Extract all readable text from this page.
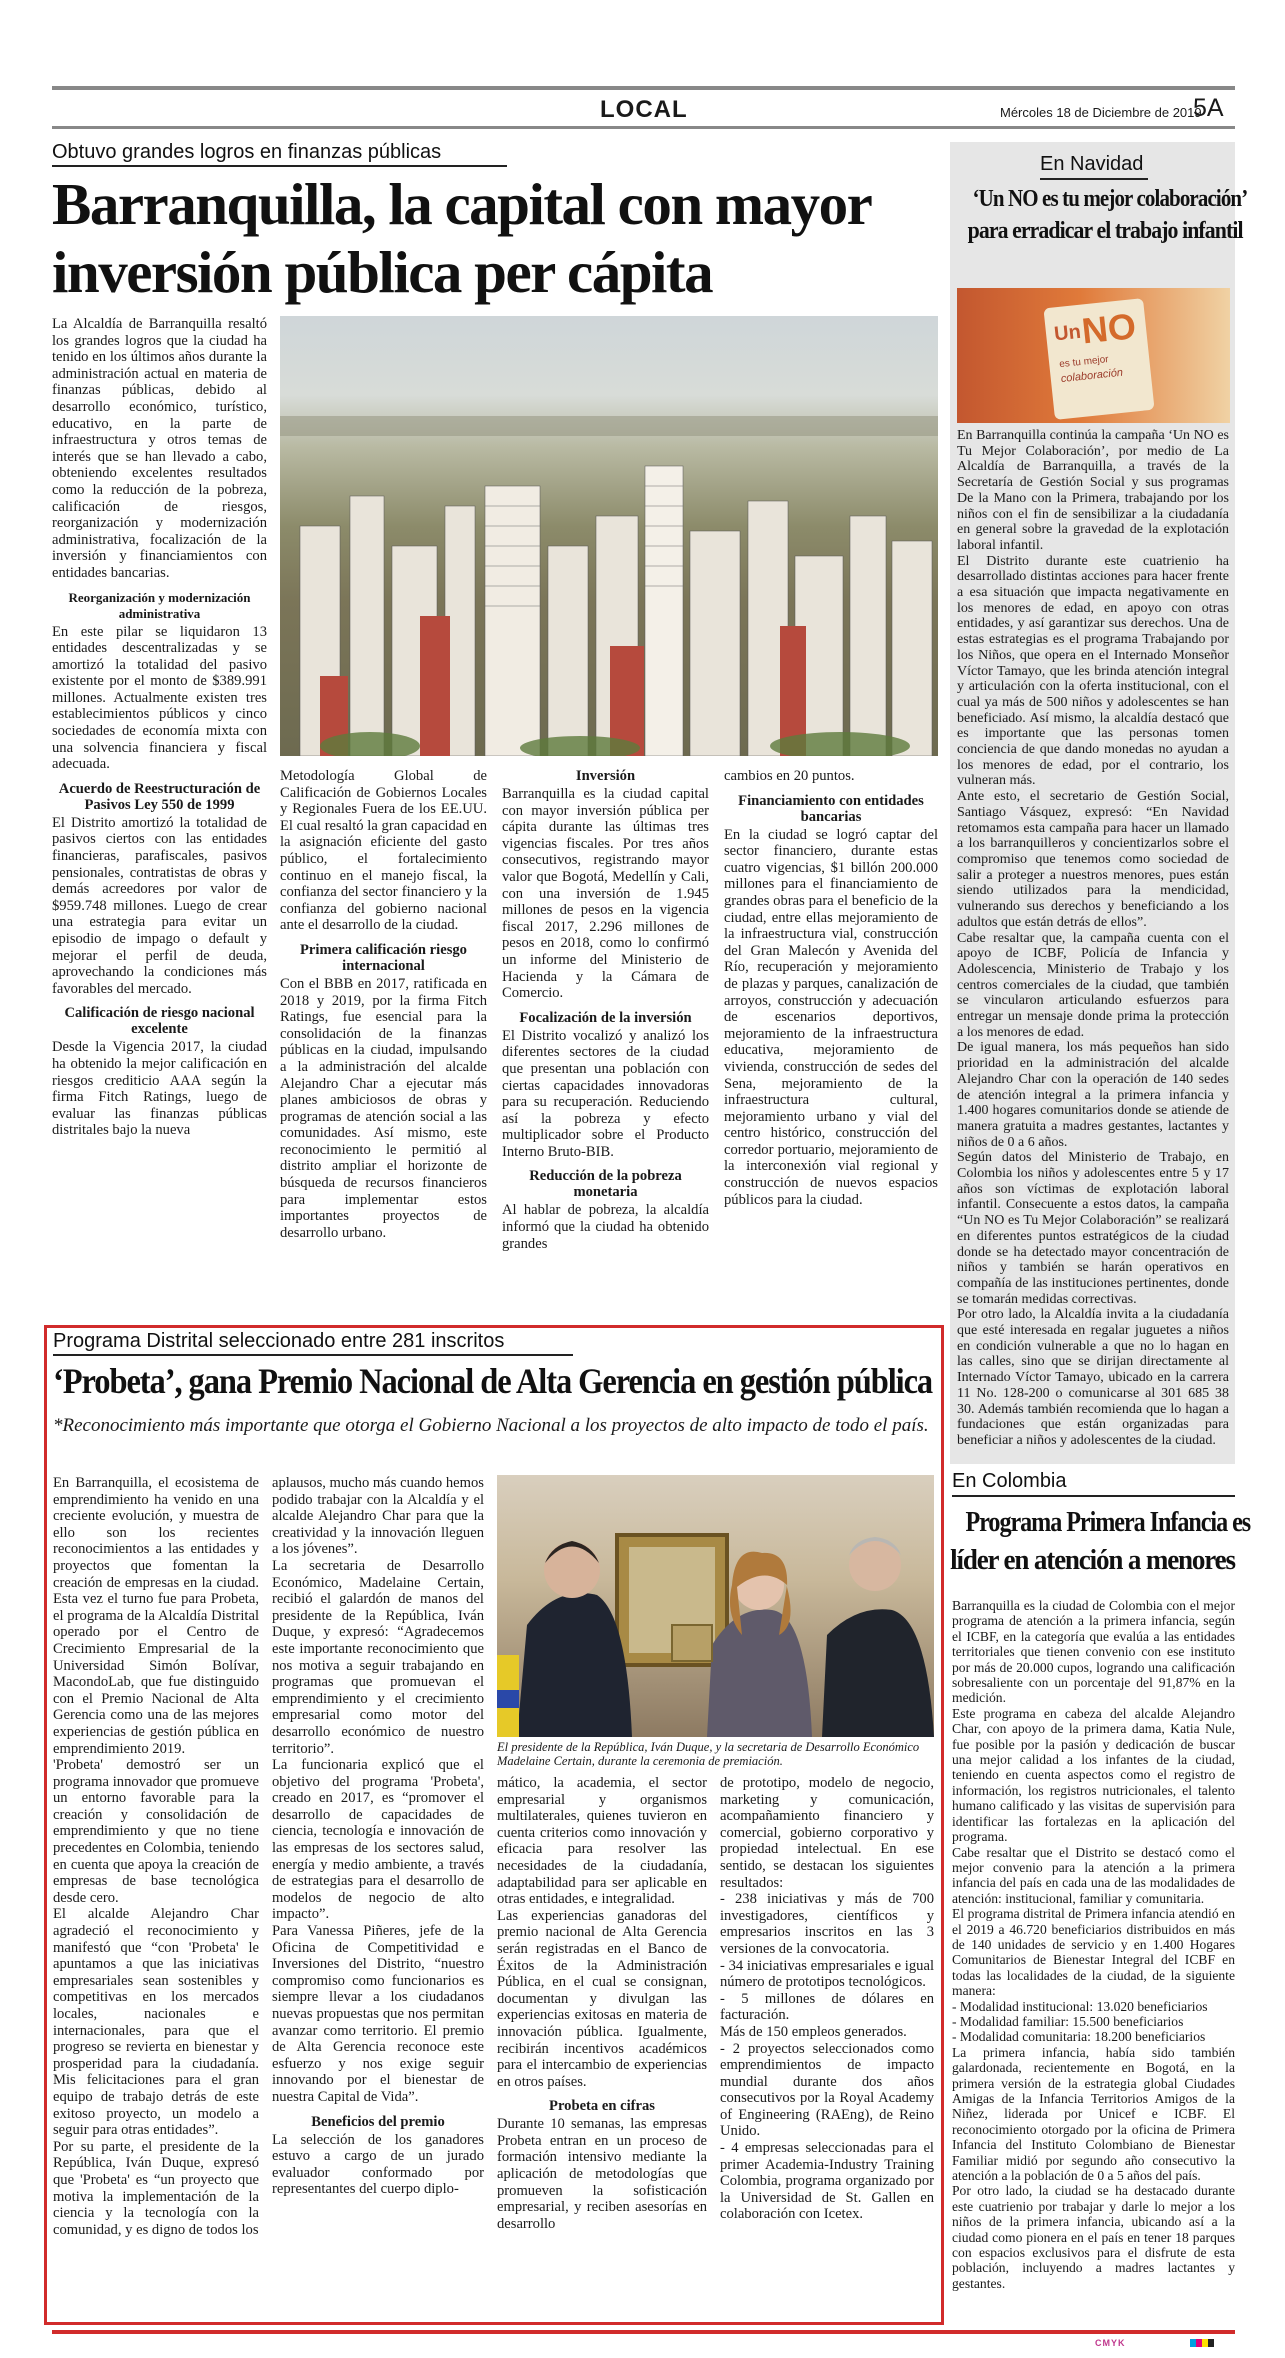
LOCAL	Mércoles 18 de Diciembre de 2019
5A
Obtuvo grandes logros en finanzas públicas
Barranquilla, la capital con mayor
inversión pública per cápita

La Alcaldía de Barranquilla resaltó los grandes logros que la ciudad ha tenido en los últimos años durante la administración actual en materia de finanzas públicas, debido al desarrollo económico, turístico, educativo, en la parte de infraestructura y otros temas de interés que se han llevado a cabo, obteniendo excelentes resultados como la reducción de la pobreza, calificación de riesgos, reorganización y modernización administrativa, focalización de la inversión y financiamientos con entidades bancarias.

Reorganización y modernización administrativa

En este pilar se liquidaron 13 entidades descentralizadas y se amortizó la totalidad del pasivo existente por el monto de $389.991 millones. Actualmente existen tres establecimientos públicos y cinco sociedades de economía mixta con una solvencia financiera y fiscal adecuada.

Acuerdo de Reestructuración de Pasivos Ley 550 de 1999

El Distrito amortizó la totalidad de pasivos ciertos con las entidades financieras, parafiscales, pasivos pensionales, contratistas de obras y demás acreedores por valor de $959.748 millones. Luego de crear una estrategia para evitar un episodio de impago o default y mejorar el perfil de deuda, aprovechando la condiciones más favorables del mercado.

Calificación de riesgo nacional excelente

Desde la Vigencia 2017, la ciudad ha obtenido la mejor calificación en riesgos crediticio AAA según la firma Fitch Ratings, luego de evaluar las finanzas públicas distritales bajo la nueva

Metodología Global de Calificación de Gobiernos Locales y Regionales Fuera de los EE.UU. El cual resaltó la gran capacidad en la asignación eficiente del gasto público, el fortalecimiento continuo en el manejo fiscal, la confianza del sector financiero y la confianza del gobierno nacional ante el desarrollo de la ciudad.

Primera calificación riesgo internacional

Con el BBB en 2017, ratificada en 2018 y 2019, por la firma Fitch Ratings, fue esencial para la consolidación de la finanzas públicas en la ciudad, impulsando a la administración del alcalde Alejandro Char a ejecutar más planes ambiciosos de obras y programas de atención social a las comunidades. Así mismo, este reconocimiento le permitió al distrito ampliar el horizonte de búsqueda de recursos financieros para implementar estos importantes proyectos de desarrollo urbano.

Inversión

Barranquilla es la ciudad capital con mayor inversión pública per cápita durante las últimas tres vigencias fiscales. Por tres años consecutivos, registrando mayor valor que Bogotá, Medellín y Cali, con una inversión de 1.945 millones de pesos en la vigencia fiscal 2017, 2.296 millones de pesos en 2018, como lo confirmó un informe del Ministerio de Hacienda y la Cámara de Comercio.

Focalización de la inversión

El Distrito vocalizó y analizó los diferentes sectores de la ciudad que presentan una población con ciertas capacidades innovadoras para su recuperación. Reduciendo así la pobreza y efecto multiplicador sobre el Producto Interno Bruto-BIB.

Reducción de la pobreza monetaria

Al hablar de pobreza, la alcaldía informó que la ciudad ha obtenido grandes

cambios en 20 puntos.

Financiamiento con entidades bancarias

En la ciudad se logró captar del sector financiero, durante estas cuatro vigencias, $1 billón 200.000 millones para el financiamiento de grandes obras para el beneficio de la ciudad, entre ellas mejoramiento de la infraestructura vial, construcción del Gran Malecón y Avenida del Río, recuperación y mejoramiento de plazas y parques, canalización de arroyos, construcción y adecuación de escenarios deportivos, mejoramiento de la infraestructura educativa, mejoramiento de vivienda, construcción de sedes del Sena, mejoramiento de la infraestructura cultural, mejoramiento urbano y vial del centro histórico, construcción del corredor portuario, mejoramiento de la interconexión vial regional y construcción de nuevos espacios públicos para la ciudad.

Programa Distrital seleccionado entre 281 inscritos
‘Probeta’, gana Premio Nacional de Alta Gerencia en gestión pública
*Reconocimiento más importante que otorga el Gobierno Nacional a los proyectos de alto impacto de todo el país.

En Barranquilla, el ecosistema de emprendimiento ha venido en una creciente evolución, y muestra de ello son los recientes reconocimientos a las entidades y proyectos que fomentan la creación de empresas en la ciudad. Esta vez el turno fue para Probeta, el programa de la Alcaldía Distrital operado por el Centro de Crecimiento Empresarial de la Universidad Simón Bolívar, MacondoLab, que fue distinguido con el Premio Nacional de Alta Gerencia como una de las mejores experiencias de gestión pública en emprendimiento 2019.

'Probeta' demostró ser un programa innovador que promueve un entorno favorable para la creación y consolidación de emprendimiento y que no tiene precedentes en Colombia, teniendo en cuenta que apoya la creación de empresas de base tecnológica desde cero.

El alcalde Alejandro Char agradeció el reconocimiento y manifestó que “con 'Probeta' le apuntamos a que las iniciativas empresariales sean sostenibles y competitivas en los mercados locales, nacionales e internacionales, para que el progreso se revierta en bienestar y prosperidad para la ciudadanía. Mis felicitaciones para el gran equipo de trabajo detrás de este exitoso proyecto, un modelo a seguir para otras entidades”.

Por su parte, el presidente de la República, Iván Duque, expresó que 'Probeta' es “un proyecto que motiva la implementación de la ciencia y la tecnología con la comunidad, y es digno de todos los

aplausos, mucho más cuando hemos podido trabajar con la Alcaldía y el alcalde Alejandro Char para que la creatividad y la innovación lleguen a los jóvenes”.

La secretaria de Desarrollo Económico, Madelaine Certain, recibió el galardón de manos del presidente de la República, Iván Duque, y expresó: “Agradecemos este importante reconocimiento que nos motiva a seguir trabajando en programas que promuevan el emprendimiento y el crecimiento empresarial como motor del desarrollo económico de nuestro territorio”.

La funcionaria explicó que el objetivo del programa 'Probeta', creado en 2017, es “promover el desarrollo de capacidades de ciencia, tecnología e innovación de las empresas de los sectores salud, energía y medio ambiente, a través de estrategias para el desarrollo de modelos de negocio de alto impacto”.

Para Vanessa Piñeres, jefe de la Oficina de Competitividad e Inversiones del Distrito, “nuestro compromiso como funcionarios es siempre llevar a los ciudadanos nuevas propuestas que nos permitan avanzar como territorio. El premio de Alta Gerencia reconoce este esfuerzo y nos exige seguir innovando por el bienestar de nuestra Capital de Vida”.

Beneficios del premio

La selección de los ganadores estuvo a cargo de un jurado evaluador conformado por representantes del cuerpo diplo-

El presidente de la República, Iván Duque, y la secretaria de Desarrollo Económico Madelaine Certain, durante la ceremonia de premiación.

mático, la academia, el sector empresarial y organismos multilaterales, quienes tuvieron en cuenta criterios como innovación y eficacia para resolver las necesidades de la ciudadanía, adaptabilidad para ser aplicable en otras entidades, e integralidad.

Las experiencias ganadoras del premio nacional de Alta Gerencia serán registradas en el Banco de Éxitos de la Administración Pública, en el cual se consignan, documentan y divulgan las experiencias exitosas en materia de innovación pública. Igualmente, recibirán incentivos académicos para el intercambio de experiencias en otros países.

Probeta en cifras

Durante 10 semanas, las empresas Probeta entran en un proceso de formación intensivo mediante la aplicación de metodologías que promueven la sofisticación empresarial, y reciben asesorías en desarrollo

de prototipo, modelo de negocio, marketing y comunicación, acompañamiento financiero y comercial, gobierno corporativo y propiedad intelectual. En ese sentido, se destacan los siguientes resultados:

- 238 iniciativas y más de 700 investigadores, científicos y empresarios inscritos en las 3 versiones de la convocatoria.

- 34 iniciativas empresariales e igual número de prototipos tecnológicos.

- 5 millones de dólares en facturación.

Más de 150 empleos generados.

- 2 proyectos seleccionados como emprendimientos de impacto mundial durante dos años consecutivos por la Royal Academy of Engineering (RAEng), de Reino Unido.

- 4 empresas seleccionadas para el primer Academia-Industry Training Colombia, programa organizado por la Universidad de St. Gallen en colaboración con Icetex.

En Navidad
‘Un NO es tu mejor colaboración’
para erradicar el trabajo infantil
Un
NO
es tu mejor
colaboración

En Barranquilla continúa la campaña ‘Un NO es Tu Mejor Colaboración’, por medio de La Alcaldía de Barranquilla, a través de la Secretaría de Gestión Social y sus programas De la Mano con la Primera, trabajando por los niños con el fin de sensibilizar a la ciudadanía en general sobre la gravedad de la explotación laboral infantil.

El Distrito durante este cuatrienio ha desarrollado distintas acciones para hacer frente a esa situación que impacta negativamente en los menores de edad, en apoyo con otras entidades, y así garantizar sus derechos. Una de estas estrategias es el programa Trabajando por los Niños, que opera en el Internado Monseñor Víctor Tamayo, que les brinda atención integral y articulación con la oferta institucional, con el cual ya más de 500 niños y adolescentes se han beneficiado. Así mismo, la alcaldía destacó que es importante que las personas tomen conciencia de que dando monedas no ayudan a los menores de edad, por el contrario, los vulneran más.

Ante esto, el secretario de Gestión Social, Santiago Vásquez, expresó: “En Navidad retomamos esta campaña para hacer un llamado a los barranquilleros y concientizarlos sobre el compromiso que tenemos como sociedad de salir a proteger a nuestros menores, pues están siendo utilizados para la mendicidad, vulnerando sus derechos y beneficiando a los adultos que están detrás de ellos”.

Cabe resaltar que, la campaña cuenta con el apoyo de ICBF, Policía de Infancia y Adolescencia, Ministerio de Trabajo y los centros comerciales de la ciudad, que también se vincularon articulando esfuerzos para entregar un mensaje donde prima la protección a los menores de edad.

De igual manera, los más pequeños han sido prioridad en la administración del alcalde Alejandro Char con la operación de 140 sedes de atención integral a la primera infancia y 1.400 hogares comunitarios donde se atiende de manera gratuita a madres gestantes, lactantes y niños de 0 a 6 años.

Según datos del Ministerio de Trabajo, en Colombia los niños y adolescentes entre 5 y 17 años son víctimas de explotación laboral infantil. Consecuente a estos datos, la campaña “Un NO es Tu Mejor Colaboración” se realizará en diferentes puntos estratégicos de la ciudad donde se ha detectado mayor concentración de niños y también se harán operativos en compañía de las instituciones pertinentes, donde se tomarán medidas correctivas.

Por otro lado, la Alcaldía invita a la ciudadanía que esté interesada en regalar juguetes a niños en condición vulnerable a que no lo hagan en las calles, sino que se dirijan directamente al Internado Víctor Tamayo, ubicado en la carrera 11 No. 128-200 o comunicarse al 301 685 38 30. Además también recomienda que lo hagan a fundaciones que están organizadas para beneficiar a niños y adolescentes de la ciudad.

En Colombia
Programa Primera Infancia es
líder en atención a menores

Barranquilla es la ciudad de Colombia con el mejor programa de atención a la primera infancia, según el ICBF, en la categoría que evalúa a las entidades territoriales que tienen convenio con ese instituto por más de 20.000 cupos, logrando una calificación sobresaliente con un porcentaje del 91,87% en la medición.

Este programa en cabeza del alcalde Alejandro Char, con apoyo de la primera dama, Katia Nule, fue posible por la pasión y dedicación de buscar una mejor calidad a los infantes de la ciudad, teniendo en cuenta aspectos como el registro de información, los registros nutricionales, el talento humano calificado y las visitas de supervisión para identificar las fortalezas en la aplicación del programa.

Cabe resaltar que el Distrito se destacó como el mejor convenio para la atención a la primera infancia del país en cada una de las modalidades de atención: institucional, familiar y comunitaria.

El programa distrital de Primera infancia atendió en el 2019 a 46.720 beneficiarios distribuidos en más de 140 unidades de servicio y en 1.400 Hogares Comunitarios de Bienestar Integral del ICBF en todas las localidades de la ciudad, de la siguiente manera:

- Modalidad institucional: 13.020 beneficiarios

- Modalidad familiar: 15.500 beneficiarios

- Modalidad comunitaria: 18.200 beneficiarios

La primera infancia, había sido también galardonada, recientemente en Bogotá, en la primera versión de la estrategia global Ciudades Amigas de la Infancia Territorios Amigos de la Niñez, liderada por Unicef e ICBF. El reconocimiento otorgado por la oficina de Primera Infancia del Instituto Colombiano de Bienestar Familiar midió por segundo año consecutivo la atención a la población de 0 a 5 años del país.

Por otro lado, la ciudad se ha destacado durante este cuatrienio por trabajar y darle lo mejor a los niños de la primera infancia, ubicando así a la ciudad como pionera en el país en tener 18 parques con espacios exclusivos para el disfrute de esta población, incluyendo a madres lactantes y gestantes.

CMYK
